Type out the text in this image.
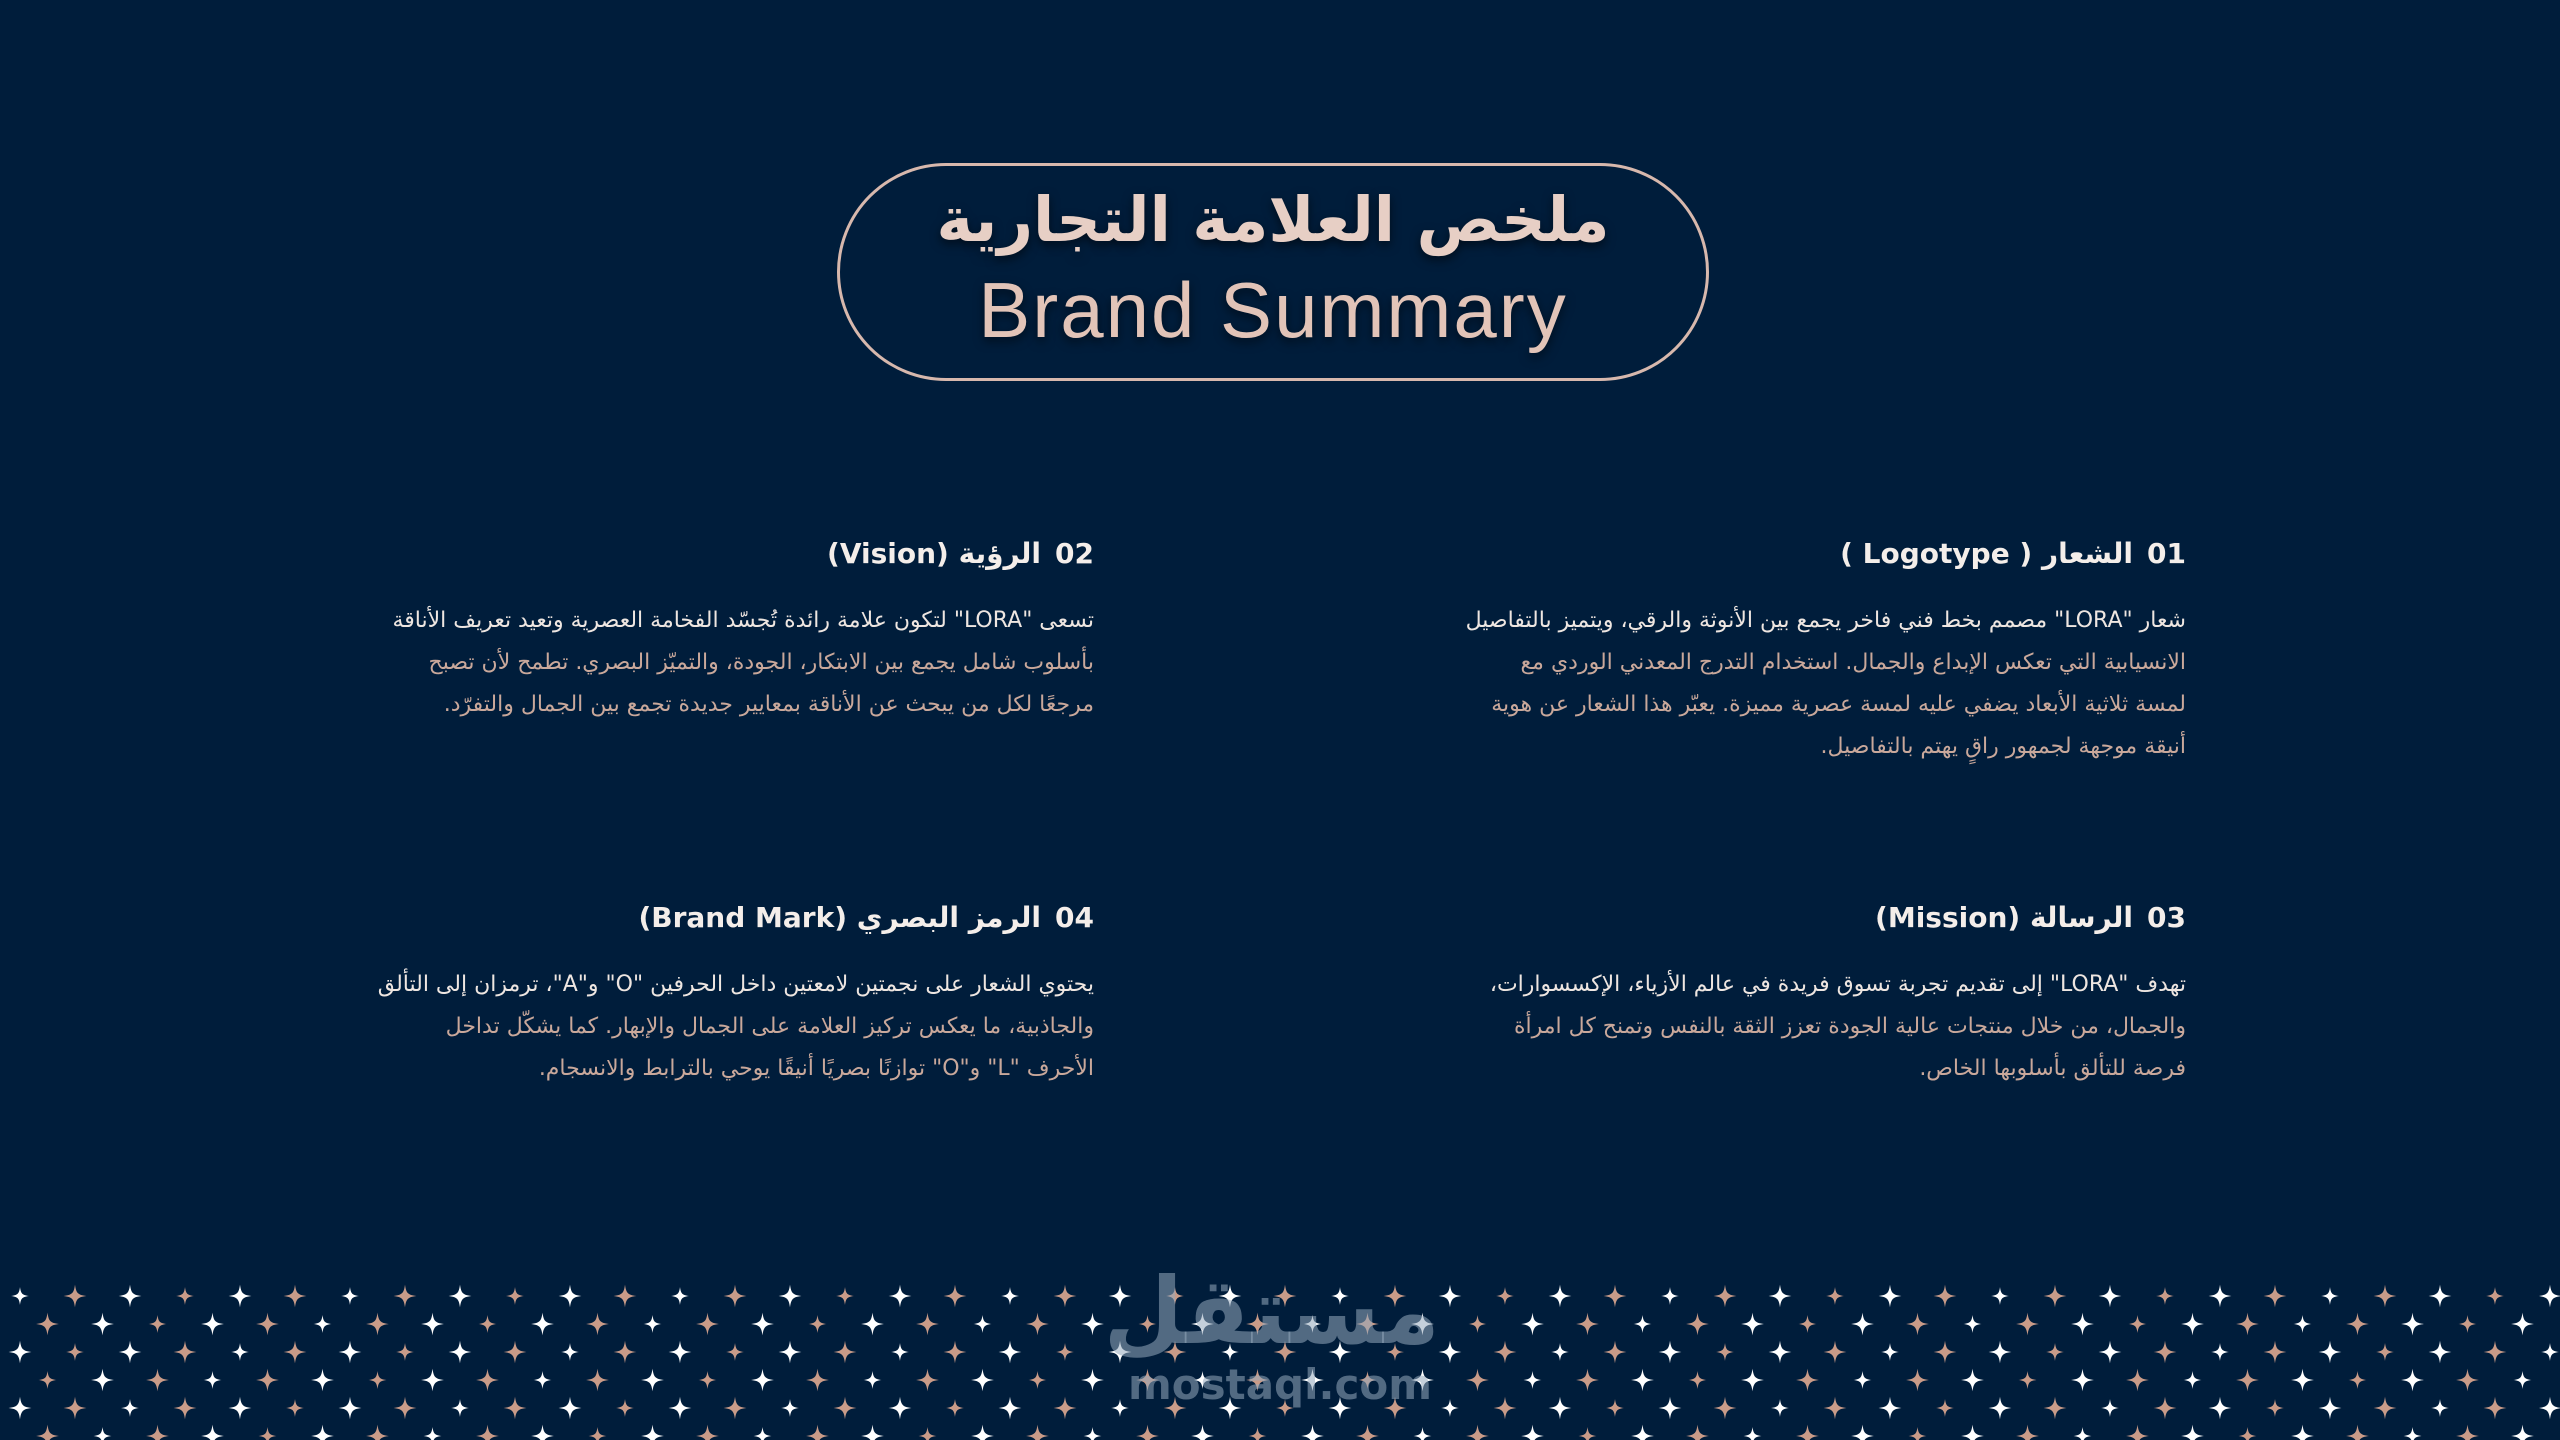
ملخص العلامة التجارية
Brand Summary

01الشعار ( Logotype )

شعار "LORA" مصمم بخط فني فاخر يجمع بين الأنوثة والرقي، ويتميز بالتفاصيل
الانسيابية التي تعكس الإبداع والجمال. استخدام التدرج المعدني الوردي مع
لمسة ثلاثية الأبعاد يضفي عليه لمسة عصرية مميزة. يعبّر هذا الشعار عن هوية
أنيقة موجهة لجمهور راقٍ يهتم بالتفاصيل.

02الرؤية (Vision)

تسعى "LORA" لتكون علامة رائدة تُجسّد الفخامة العصرية وتعيد تعريف الأناقة
بأسلوب شامل يجمع بين الابتكار، الجودة، والتميّز البصري. تطمح لأن تصبح
مرجعًا لكل من يبحث عن الأناقة بمعايير جديدة تجمع بين الجمال والتفرّد.

03الرسالة (Mission)

تهدف "LORA" إلى تقديم تجربة تسوق فريدة في عالم الأزياء، الإكسسوارات،
والجمال، من خلال منتجات عالية الجودة تعزز الثقة بالنفس وتمنح كل امرأة
فرصة للتألق بأسلوبها الخاص.

04الرمز البصري (Brand Mark)

يحتوي الشعار على نجمتين لامعتين داخل الحرفين "O" و"A"، ترمزان إلى التألق
والجاذبية، ما يعكس تركيز العلامة على الجمال والإبهار. كما يشكّل تداخل
الأحرف "L" و"O" توازنًا بصريًا أنيقًا يوحي بالترابط والانسجام.
مستقل
mostaql.com
